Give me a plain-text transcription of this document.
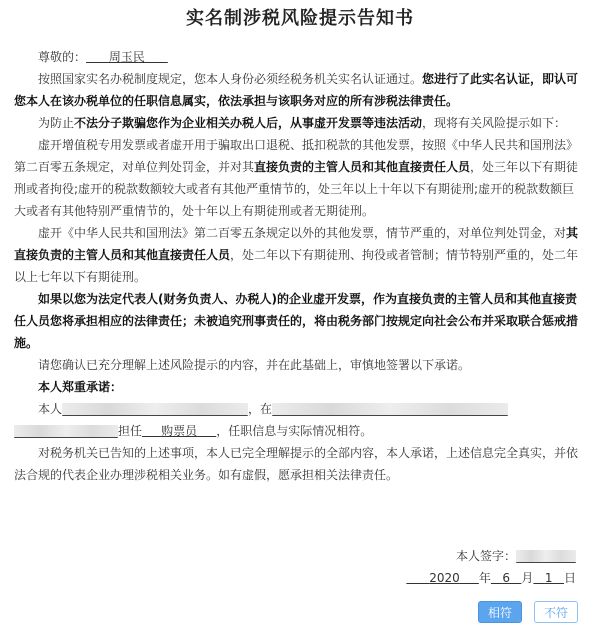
实名制涉税风险提示告知书

尊敬的： 周玉民

按照国家实名办税制度规定，您本人身份必须经税务机关实名认证通过。您进行了此实名认证，即认可您本人在该办税单位的任职信息属实，依法承担与该职务对应的所有涉税法律责任。

为防止不法分子欺骗您作为企业相关办税人后，从事虚开发票等违法活动，现将有关风险提示如下：

虚开增值税专用发票或者虚开用于骗取出口退税、抵扣税款的其他发票，按照《中华人民共和国刑法》第二百零五条规定，对单位判处罚金，并对其直接负责的主管人员和其他直接责任人员，处三年以下有期徒刑或者拘役;虚开的税款数额较大或者有其他严重情节的，处三年以上十年以下有期徒刑;虚开的税款数额巨大或者有其他特别严重情节的，处十年以上有期徒刑或者无期徒刑。

虚开《中华人民共和国刑法》第二百零五条规定以外的其他发票，情节严重的，对单位判处罚金，对其直接负责的主管人员和其他直接责任人员，处二年以下有期徒刑、拘役或者管制；情节特别严重的，处二年以上七年以下有期徒刑。

如果以您为法定代表人(财务负责人、办税人)的企业虚开发票，作为直接负责的主管人员和其他直接责任人员您将承担相应的法律责任；未被追究刑事责任的，将由税务部门按规定向社会公布并采取联合惩戒措施。

请您确认已充分理解上述风险提示的内容，并在此基础上，审慎地签署以下承诺。

本人郑重承诺：

本人	，在

担任 购票员 ，任职信息与实际情况相符。

对税务机关已告知的上述事项，本人已完全理解提示的全部内容，本人承诺，上述信息完全真实，并依法合规的代表企业办理涉税相关业务。如有虚假，愿承担相关法律责任。

本人签字：
2020 年 6 月 1 日
相符	不符
